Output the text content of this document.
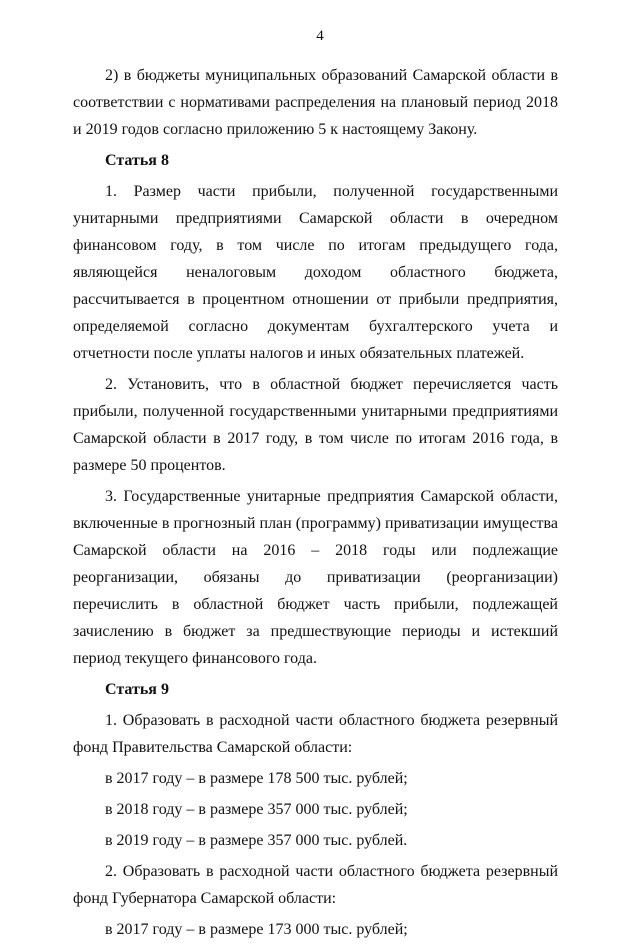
4

2) в бюджеты муниципальных образований Самарской области в соответствии с нормативами распределения на плановый период 2018 и 2019 годов согласно приложению 5 к настоящему Закону.

Статья 8

1. Размер части прибыли, полученной государственными унитарными предприятиями Самарской области в очередном финансовом году, в том числе по итогам предыдущего года, являющейся неналоговым доходом областного бюджета, рассчитывается в процентном отношении от прибыли предприятия, определяемой согласно документам бухгалтерского учета и отчетности после уплаты налогов и иных обязательных платежей.

2. Установить, что в областной бюджет перечисляется часть прибыли, полученной государственными унитарными предприятиями Самарской области в 2017 году, в том числе по итогам 2016 года, в размере 50 процентов.

3. Государственные унитарные предприятия Самарской области, включенные в прогнозный план (программу) приватизации имущества Самарской области на 2016 – 2018 годы или подлежащие реорганизации, обязаны до приватизации (реорганизации) перечислить в областной бюджет часть прибыли, подлежащей зачислению в бюджет за предшествующие периоды и истекший период текущего финансового года.

Статья 9

1. Образовать в расходной части областного бюджета резервный фонд Правительства Самарской области:

в 2017 году – в размере 178 500 тыс. рублей;

в 2018 году – в размере 357 000 тыс. рублей;

в 2019 году – в размере 357 000 тыс. рублей.

2. Образовать в расходной части областного бюджета резервный фонд Губернатора Самарской области:

в 2017 году – в размере 173 000 тыс. рублей;
